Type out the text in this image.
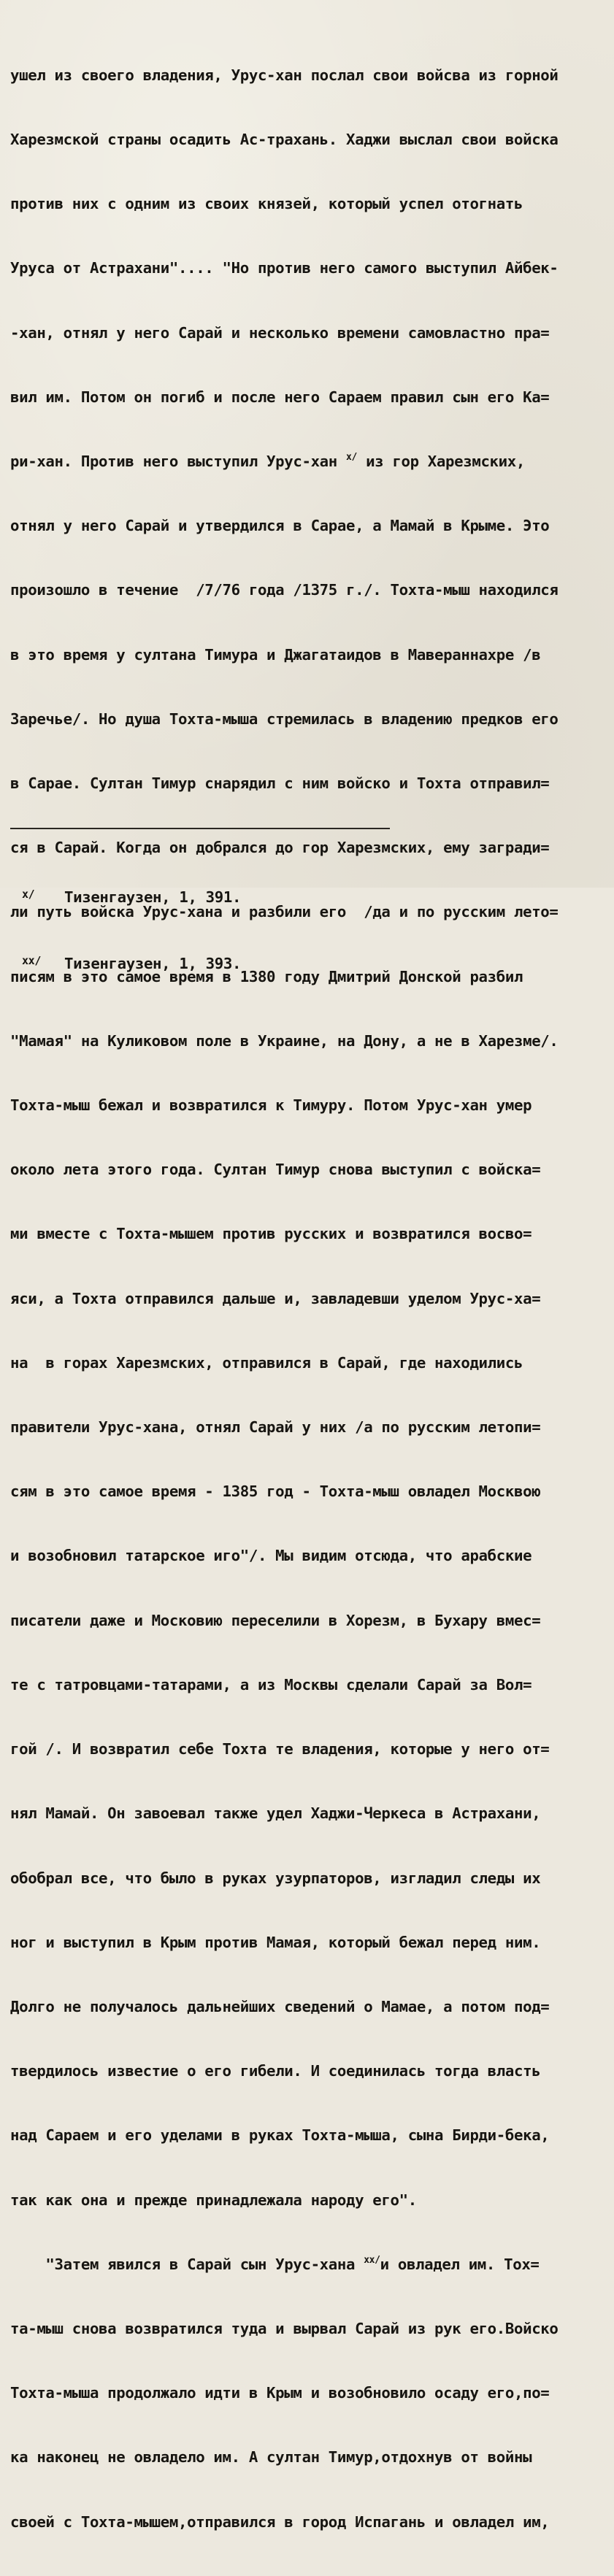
ушел из своего владения, Урус-хан послал свои войсва из горной

Харезмской страны осадить Ас-трахань. Хаджи выслал свои войска

против них с одним из своих князей, который успел отогнать

Уруса от Астрахани".... "Но против него самого выступил Айбек-

-хан, отнял у него Сарай и несколько времени самовластно пра=

вил им. Потом он погиб и после него Сараем правил сын его Ка=

ри-хан. Против него выступил Урус-хан $^{x/}$ из гор Харезмских,

отнял у него Сарай и утвердился в Сарае, а Мамай в Крыме. Это

произошло в течение  /7/76 года /1375 г./. Тохта-мыш находился

в это время у султана Тимура и Джагатаидов в Мавераннахре /в

Заречье/. Но душа Тохта-мыша стремилась в владению предков его

в Сарае. Султан Тимур снарядил с ним войско и Тохта отправил=

ся в Сарай. Когда он добрался до гор Харезмских, ему загради=

ли путь войска Урус-хана и разбили его  /да и по русским лето=

писям в это самое время в 1380 году Дмитрий Донской разбил

"Мамая" на Куликовом поле в Украине, на Дону, а не в Харезме/.

Тохта-мыш бежал и возвратился к Тимуру. Потом Урус-хан умер

около лета этого года. Султан Тимур снова выступил с войска=

ми вместе с Тохта-мышем против русских и возвратился восво=

яси, а Тохта отправился дальше и, завладевши уделом Урус-ха=

на  в горах Харезмских, отправился в Сарай, где находились

правители Урус-хана, отнял Сарай у них /а по русским летопи=

сям в это самое время - 1385 год - Тохта-мыш овладел Москвою

и возобновил татарское иго"/. Мы видим отсюда, что арабские

писатели даже и Московию переселили в Хорезм, в Бухару вмес=

те с татровцами-татарами, а из Москвы сделали Сарай за Вол=

гой /. И возвратил себе Тохта те владения, которые у него от=

нял Мамай. Он завоевал также удел Хаджи-Черкеса в Астрахани,

обобрал все, что было в руках узурпаторов, изгладил следы их

ног и выступил в Крым против Мамая, который бежал перед ним.

Долго не получалось дальнейших сведений о Мамае, а потом под=

твердилось известие о его гибели. И соединилась тогда власть

над Сараем и его уделами в руках Тохта-мыша, сына Бирди-бека,

так как она и прежде принадлежала народу его".

"Затем явился в Сарай сын Урус-хана $^{xx/}$и овладел им. Тох=

та-мыш снова возвратился туда и вырвал Сарай из рук его.Войско

Тохта-мыша продолжало идти в Крым и возобновило осаду его,по=

ка наконец не овладело им. А султан Тимур,отдохнув от войны

своей с Тохта-мышем,отправился в город Испагань и овладел им,

x/ Тизенгаузен, 1, 391.

xx/ Тизенгаузен, 1, 393.
